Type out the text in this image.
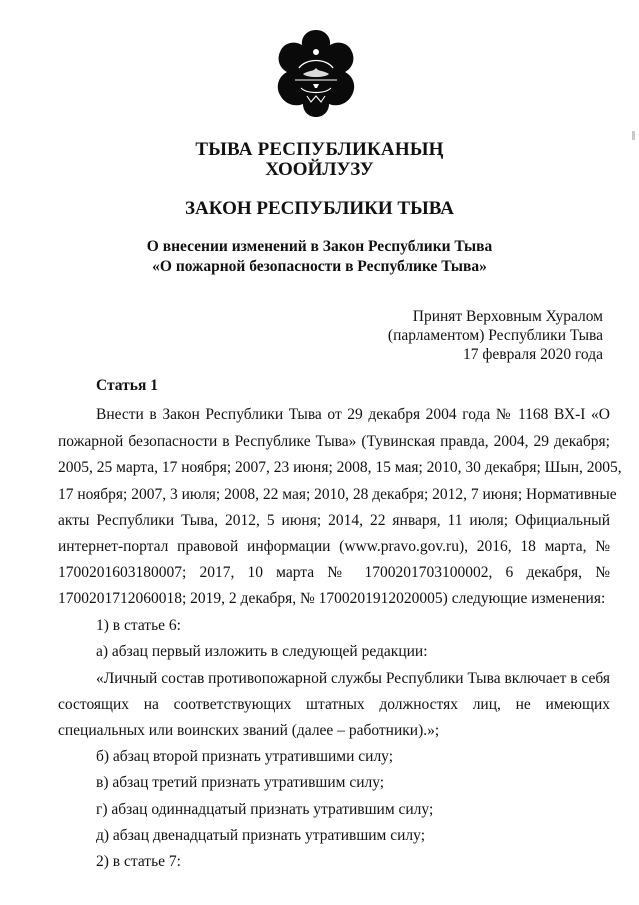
ТЫВА РЕСПУБЛИКАНЫҢ
ХООЙЛУЗУ
ЗАКОН РЕСПУБЛИКИ ТЫВА
О внесении изменений в Закон Республики Тыва
«О пожарной безопасности в Республике Тыва»
Принят Верховным Хуралом
(парламентом) Республики Тыва
17 февраля 2020 года
Статья 1
Внести в Закон Республики Тыва от 29 декабря 2004 года № 1168 ВХ-I «О
пожарной безопасности в Республике Тыва» (Тувинская правда, 2004, 29 декабря;
2005, 25 марта, 17 ноября; 2007, 23 июня; 2008, 15 мая; 2010, 30 декабря; Шын, 2005,
17 ноября; 2007, 3 июля; 2008, 22 мая; 2010, 28 декабря; 2012, 7 июня; Нормативные
акты Республики Тыва, 2012, 5 июня; 2014, 22 января, 11 июля; Официальный
интернет-портал правовой информации (www.pravo.gov.ru), 2016, 18 марта, №
1700201603180007; 2017, 10 марта № 1700201703100002, 6 декабря, №
1700201712060018; 2019, 2 декабря, № 1700201912020005) следующие изменения:
1) в статье 6:
а) абзац первый изложить в следующей редакции:
«Личный состав противопожарной службы Республики Тыва включает в себя
состоящих на соответствующих штатных должностях лиц, не имеющих
специальных или воинских званий (далее – работники).»;
б) абзац второй признать утратившими силу;
в) абзац третий признать утратившим силу;
г) абзац одиннадцатый признать утратившим силу;
д) абзац двенадцатый признать утратившим силу;
2) в статье 7:
